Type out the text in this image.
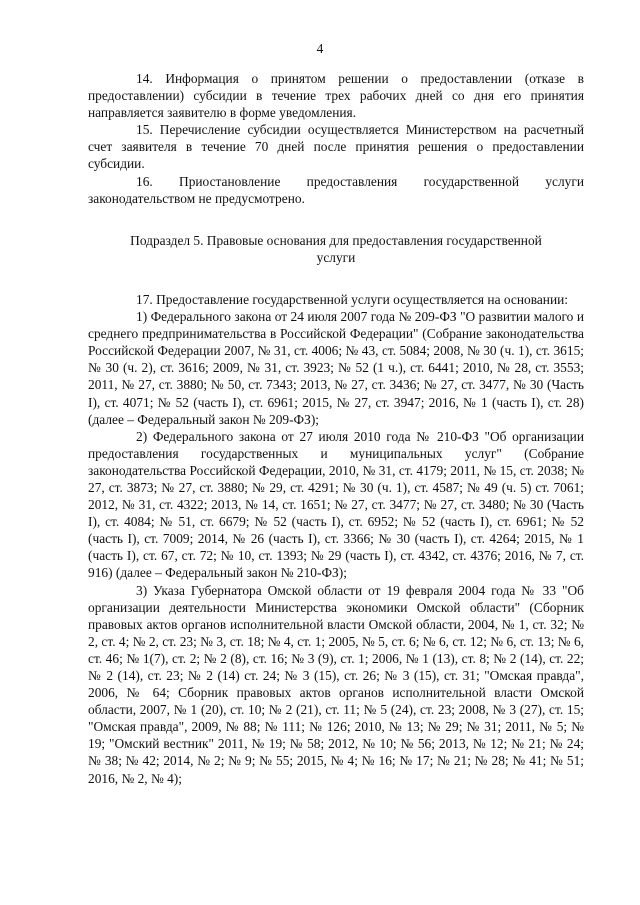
4

14. Информация о принятом решении о предоставлении (отказе в предоставлении) субсидии в течение трех рабочих дней со дня его принятия направляется заявителю в форме уведомления.

15. Перечисление субсидии осуществляется Министерством на расчетный счет заявителя в течение 70 дней после принятия решения о предоставлении субсидии.

16. Приостановление предоставления государственной услуги законодательством не предусмотрено.

Подраздел 5. Правовые основания для предоставления государственной услуги

17. Предоставление государственной услуги осуществляется на основании:

1) Федерального закона от 24 июля 2007 года № 209-ФЗ "О развитии малого и среднего предпринимательства в Российской Федерации" (Собрание законодательства Российской Федерации 2007, № 31, ст. 4006; № 43, ст. 5084; 2008, № 30 (ч. 1), ст. 3615; № 30 (ч. 2), ст. 3616; 2009, № 31, ст. 3923; № 52 (1 ч.), ст. 6441; 2010, № 28, ст. 3553; 2011, № 27, ст. 3880; № 50, ст. 7343; 2013, № 27, ст. 3436; № 27, ст. 3477, № 30 (Часть I), ст. 4071; № 52 (часть I), ст. 6961; 2015, № 27, ст. 3947; 2016, № 1 (часть I), ст. 28) (далее – Федеральный закон № 209-ФЗ);

2) Федерального закона от 27 июля 2010 года № 210-ФЗ "Об организации предоставления государственных и муниципальных услуг" (Собрание законодательства Российской Федерации, 2010, № 31, ст. 4179; 2011, № 15, ст. 2038; № 27, ст. 3873; № 27, ст. 3880; № 29, ст. 4291; № 30 (ч. 1), ст. 4587; № 49 (ч. 5) ст. 7061; 2012, № 31, ст. 4322; 2013, № 14, ст. 1651; № 27, ст. 3477; № 27, ст. 3480; № 30 (Часть I), ст. 4084; № 51, ст. 6679; № 52 (часть I), ст. 6952; № 52 (часть I), ст. 6961; № 52 (часть I), ст. 7009; 2014, № 26 (часть I), ст. 3366; № 30 (часть I), ст. 4264; 2015, № 1 (часть I), ст. 67, ст. 72; № 10, ст. 1393; № 29 (часть I), ст. 4342, ст. 4376; 2016, № 7, ст. 916) (далее – Федеральный закон № 210-ФЗ);

3) Указа Губернатора Омской области от 19 февраля 2004 года № 33 "Об организации деятельности Министерства экономики Омской области" (Сборник правовых актов органов исполнительной власти Омской области, 2004, № 1, ст. 32; № 2, ст. 4; № 2, ст. 23; № 3, ст. 18; № 4, ст. 1; 2005, № 5, ст. 6; № 6, ст. 12; № 6, ст. 13; № 6, ст. 46; № 1(7), ст. 2; № 2 (8), ст. 16; № 3 (9), ст. 1; 2006, № 1 (13), ст. 8; № 2 (14), ст. 22; № 2 (14), ст. 23; № 2 (14) ст. 24; № 3 (15), ст. 26; № 3 (15), ст. 31; "Омская правда", 2006, № 64; Сборник правовых актов органов исполнительной власти Омской области, 2007, № 1 (20), ст. 10; № 2 (21), ст. 11; № 5 (24), ст. 23; 2008, № 3 (27), ст. 15; "Омская правда", 2009, № 88; № 111; № 126; 2010, № 13; № 29; № 31; 2011, № 5; № 19; "Омский вестник" 2011, № 19; № 58; 2012, № 10; № 56; 2013, № 12; № 21; № 24; № 38; № 42; 2014, № 2; № 9; № 55; 2015, № 4; № 16; № 17; № 21; № 28; № 41; № 51; 2016, № 2, № 4);
